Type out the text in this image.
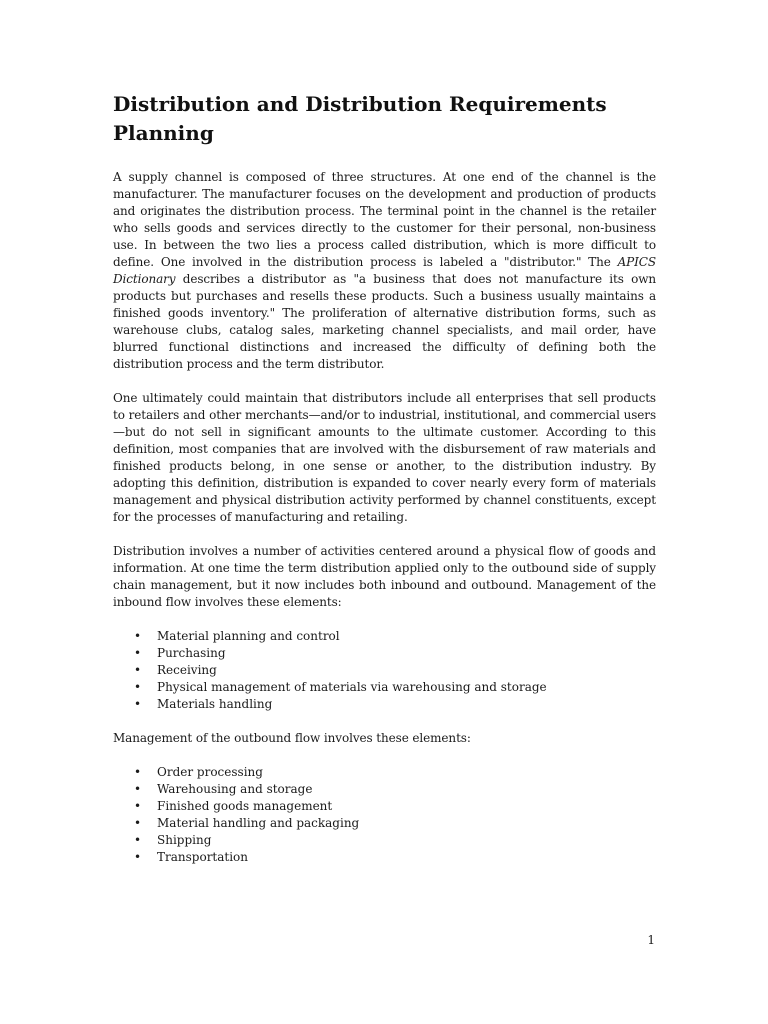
Distribution and Distribution Requirements Planning

A supply channel is composed of three structures. At one end of the channel is the manufacturer. The manufacturer focuses on the development and production of products and originates the distribution process. The terminal point in the channel is the retailer who sells goods and services directly to the customer for their personal, non-business use. In between the two lies a process called distribution, which is more difficult to define. One involved in the distribution process is labeled a "distributor." The APICS Dictionary describes a distributor as "a business that does not manufacture its own products but purchases and resells these products. Such a business usually maintains a finished goods inventory." The proliferation of alternative distribution forms, such as warehouse clubs, catalog sales, marketing channel specialists, and mail order, have blurred functional distinctions and increased the difficulty of defining both the distribution process and the term distributor.

One ultimately could maintain that distributors include all enterprises that sell products to retailers and other merchants—and/or to industrial, institutional, and commercial users—but do not sell in significant amounts to the ultimate customer. According to this definition, most companies that are involved with the disbursement of raw materials and finished products belong, in one sense or another, to the distribution industry. By adopting this definition, distribution is expanded to cover nearly every form of materials management and physical distribution activity performed by channel constituents, except for the processes of manufacturing and retailing.

Distribution involves a number of activities centered around a physical flow of goods and information. At one time the term distribution applied only to the outbound side of supply chain management, but it now includes both inbound and outbound. Management of the inbound flow involves these elements:

• Material planning and control
• Purchasing
• Receiving
• Physical management of materials via warehousing and storage
• Materials handling

Management of the outbound flow involves these elements:

• Order processing
• Warehousing and storage
• Finished goods management
• Material handling and packaging
• Shipping
• Transportation
1
